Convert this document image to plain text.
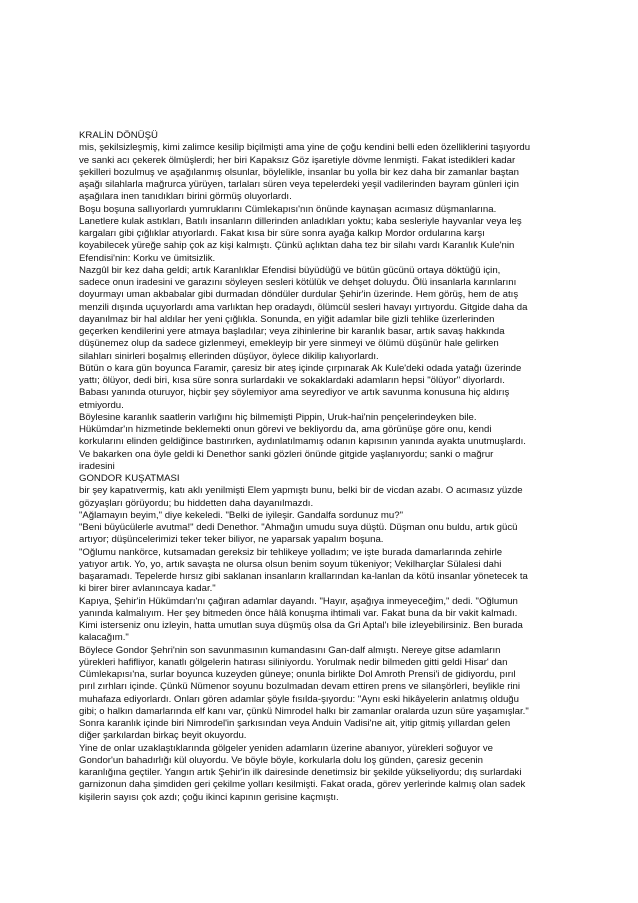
KRALİN DÖNÜŞÜ
mis, şekilsizleşmiş, kimi zalimce kesilip biçilmişti ama yine de çoğu kendini belli eden özelliklerini taşıyordu
ve sanki acı çekerek ölmüşlerdi; her biri Kapaksız Göz işaretiyle dövme lenmişti. Fakat istedikleri kadar
şekilleri bozulmuş ve aşağılanmış olsunlar, böylelikle, insanlar bu yolla bir kez daha bir zamanlar baştan
aşağı silahlarla mağrurca yürüyen, tarlaları süren veya tepelerdeki yeşil vadilerinden bayram günleri için
aşağılara inen tanıdıkları birini görmüş oluyorlardı.
Boşu boşuna sallıyorlardı yumruklarını Cümlekapısı'nın önünde kaynaşan acımasız düşmanlarına.
Lanetlere kulak astıkları, Batılı insanların dillerinden anladıkları yoktu; kaba sesleriyle hayvanlar veya leş
kargaları gibi çığlıklar atıyorlardı. Fakat kısa bir süre sonra ayağa kalkıp Mordor ordularına karşı
koyabilecek yüreğe sahip çok az kişi kalmıştı. Çünkü açlıktan daha tez bir silahı vardı Karanlık Kule'nin
Efendisi'nin: Korku ve ümitsizlik.
Nazgûl bir kez daha geldi; artık Karanlıklar Efendisi büyüdüğü ve bütün gücünü ortaya döktüğü için,
sadece onun iradesini ve garazını söyleyen sesleri kötülük ve dehşet doluydu. Ölü insanlarla karınlarını
doyurmayı uman akbabalar gibi durmadan döndüler durdular Şehir'in üzerinde. Hem görüş, hem de atış
menzili dışında uçuyorlardı ama varlıktan hep oradaydı, ölümcül sesleri havayı yırtıyordu. Gitgide daha da
dayanılmaz bir hal aldılar her yeni çığlıkla. Sonunda, en yiğit adamlar bile gizli tehlike üzerlerinden
geçerken kendilerini yere atmaya başladılar; veya zihinlerine bir karanlık basar, artık savaş hakkında
düşünemez olup da sadece gizlenmeyi, emekleyip bir yere sinmeyi ve ölümü düşünür hale gelirken
silahları sinirleri boşalmış ellerinden düşüyor, öylece dikilip kalıyorlardı.
Bütün o kara gün boyunca Faramir, çaresiz bir ateş içinde çırpınarak Ak Kule'deki odada yatağı üzerinde
yattı; ölüyor, dedi biri, kısa süre sonra surlardakiı ve sokaklardaki adamların hepsi "ölüyor" diyorlardı.
Babası yanında oturuyor, hiçbir şey söylemiyor ama seyrediyor ve artık savunma konusuna hiç aldırış
etmiyordu.
Böylesine karanlık saatlerin varlığını hiç bilmemişti Pippin, Uruk-hai'nin pençelerindeyken bile.
Hükümdar'ın hizmetinde beklemekti onun görevi ve bekliyordu da, ama görünüşe göre onu, kendi
korkularını elinden geldiğince bastırırken, aydınlatılmamış odanın kapısının yanında ayakta unutmuşlardı.
Ve bakarken ona öyle geldi ki Denethor sanki gözleri önünde gitgide yaşlanıyordu; sanki o mağrur
iradesini
GONDOR KUŞATMASI
bir şey kapatıvermiş, katı aklı yenilmişti Elem yapmıştı bunu, belki bir de vicdan azabı. O acımasız yüzde
gözyaşları görüyordu; bu hiddetten daha dayanılmazdı.
"Ağlamayın beyim," diye kekeledi. "Belki de iyileşir. Gandalfa sordunuz mu?"
"Beni büyücülerle avutma!" dedi Denethor. "Ahmağın umudu suya düştü. Düşman onu buldu, artık gücü
artıyor; düşüncelerimizi teker teker biliyor, ne yaparsak yapalım boşuna.
"Oğlumu nankörce, kutsamadan gereksiz bir tehlikeye yolladım; ve işte burada damarlarında zehirle
yatıyor artık. Yo, yo, artık savaşta ne olursa olsun benim soyum tükeniyor; Vekilharçlar Sülalesi dahi
başaramadı. Tepelerde hırsız gibi saklanan insanların krallarından ka-lanlan da kötü insanlar yönetecek ta
ki birer birer avlanıncaya kadar."
Kapıya, Şehir'in Hükümdarı'nı çağıran adamlar dayandı. "Hayır, aşağıya inmeyeceğim," dedi. "Oğlumun
yanında kalmalıyım. Her şey bitmeden önce hâlâ konuşma ihtimali var. Fakat buna da bir vakit kalmadı.
Kimi isterseniz onu izleyin, hatta umutlan suya düşmüş olsa da Gri Aptal'ı bile izleyebilirsiniz. Ben burada
kalacağım."
Böylece Gondor Şehri'nin son savunmasının kumandasını Gan-dalf almıştı. Nereye gitse adamların
yürekleri hafifliyor, kanatlı gölgelerin hatırası siliniyordu. Yorulmak nedir bilmeden gitti geldi Hisar' dan
Cümlekapısı'na, surlar boyunca kuzeyden güneye; onunla birlikte Dol Amroth Prensi'i de gidiyordu, pırıl
pırıl zırhları içinde. Çünkü Nümenor soyunu bozulmadan devam ettiren prens ve silanşörleri, beylikle rini
muhafaza ediyorlardı. Onları gören adamlar şöyle fısılda-şıyordu: "Aynı eski hikâyelerin anlatmış olduğu
gibi; o halkın damarlarında elf kanı var, çünkü Nimrodel halkı bir zamanlar oralarda uzun süre yaşamışlar."
Sonra karanlık içinde biri Nimrodel'in şarkısından veya Anduin Vadisi'ne ait, yitip gitmiş yıllardan gelen
diğer şarkılardan birkaç beyit okuyordu.
Yine de onlar uzaklaştıklarında gölgeler yeniden adamların üzerine abanıyor, yürekleri soğuyor ve
Gondor'un bahadırlığı kül oluyordu. Ve böyle böyle, korkularla dolu loş günden, çaresiz gecenin
karanlığına geçtiler. Yangın artık Şehir'in ilk dairesinde denetimsiz bir şekilde yükseliyordu; dış surlardaki
garnizonun daha şimdiden geri çekilme yolları kesilmişti. Fakat orada, görev yerlerinde kalmış olan sadek
kişilerin sayısı çok azdı; çoğu ikinci kapının gerisine kaçmıştı.
